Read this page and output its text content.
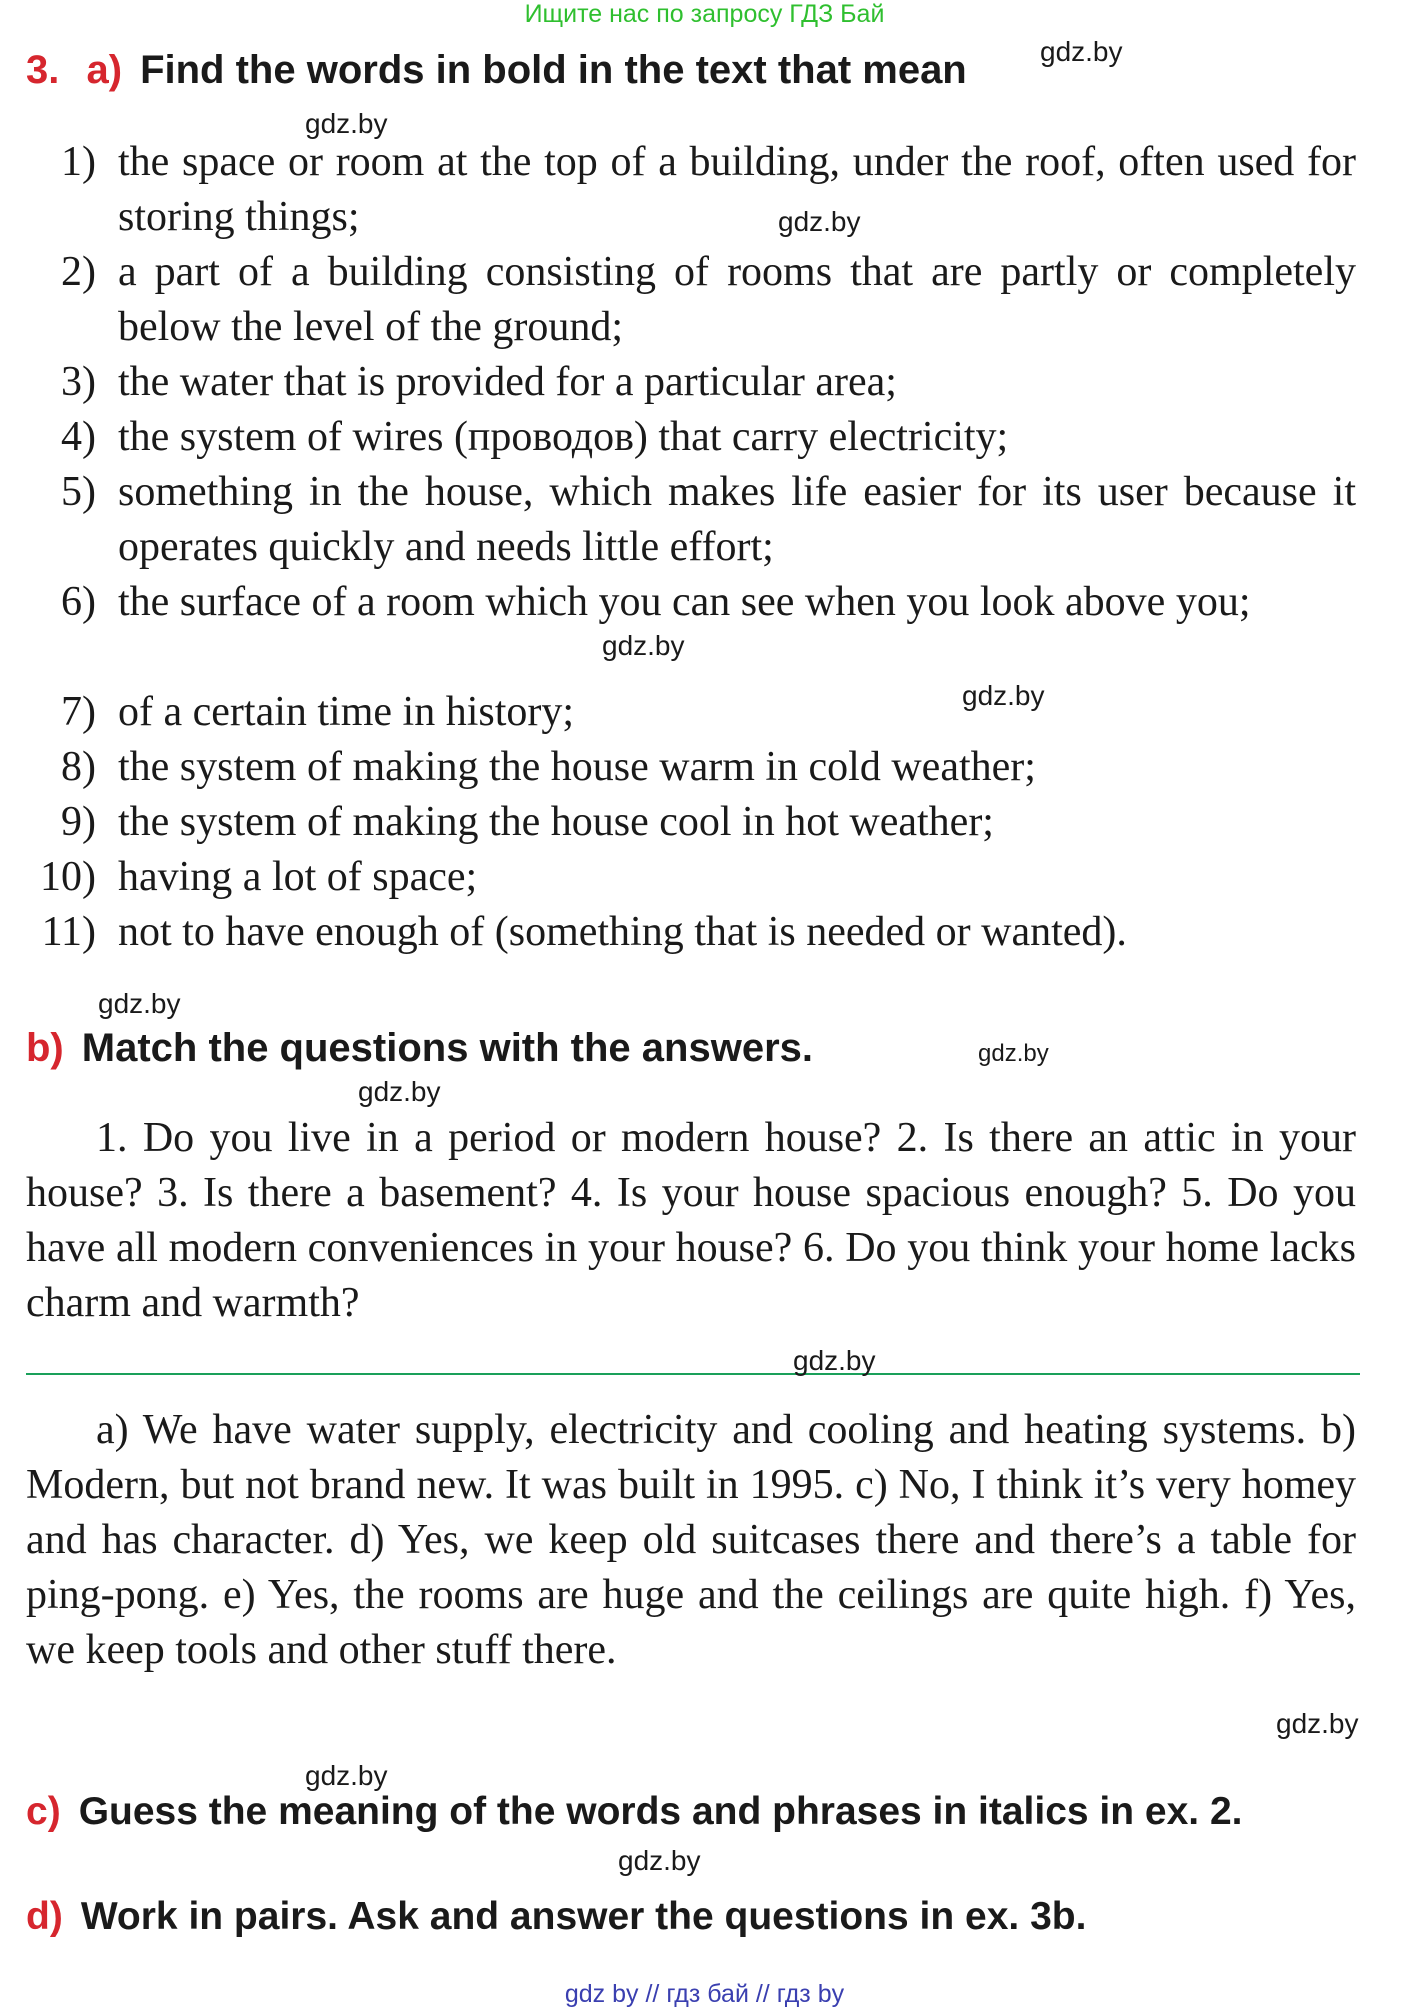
Ищите нас по запросу ГДЗ Бай
3. a) Find the words in bold in the text that mean
1) the space or room at the top of a building, under the roof, often used for storing things;
2) a part of a building consisting of rooms that are partly or completely below the level of the ground;
3) the water that is provided for a particular area;
4) the system of wires (проводов) that carry electricity;
5) something in the house, which makes life easier for its user because it operates quickly and needs little effort;
6) the surface of a room which you can see when you look above you;
7) of a certain time in history;
8) the system of making the house warm in cold weather;
9) the system of making the house cool in hot weather;
10) having a lot of space;
11) not to have enough of (something that is needed or wanted).
b) Match the questions with the answers.
1. Do you live in a period or modern house? 2. Is there an attic in your house? 3. Is there a basement? 4. Is your house spacious enough? 5. Do you have all modern conveniences in your house? 6. Do you think your home lacks charm and warmth?
a) We have water supply, electricity and cooling and heating systems. b) Modern, but not brand new. It was built in 1995. c) No, I think it’s very homey and has character. d) Yes, we keep old suitcases there and there’s a table for ping-pong. e) Yes, the rooms are huge and the ceilings are quite high. f) Yes, we keep tools and other stuff there.
c) Guess the meaning of the words and phrases in italics in ex. 2.
d) Work in pairs. Ask and answer the questions in ex. 3b.
gdz.by
gdz.by
gdz.by
gdz.by
gdz.by
gdz.by
gdz.by
gdz.by
gdz.by
gdz.by
gdz.by
gdz.by
gdz by // гдз бай // гдз by
